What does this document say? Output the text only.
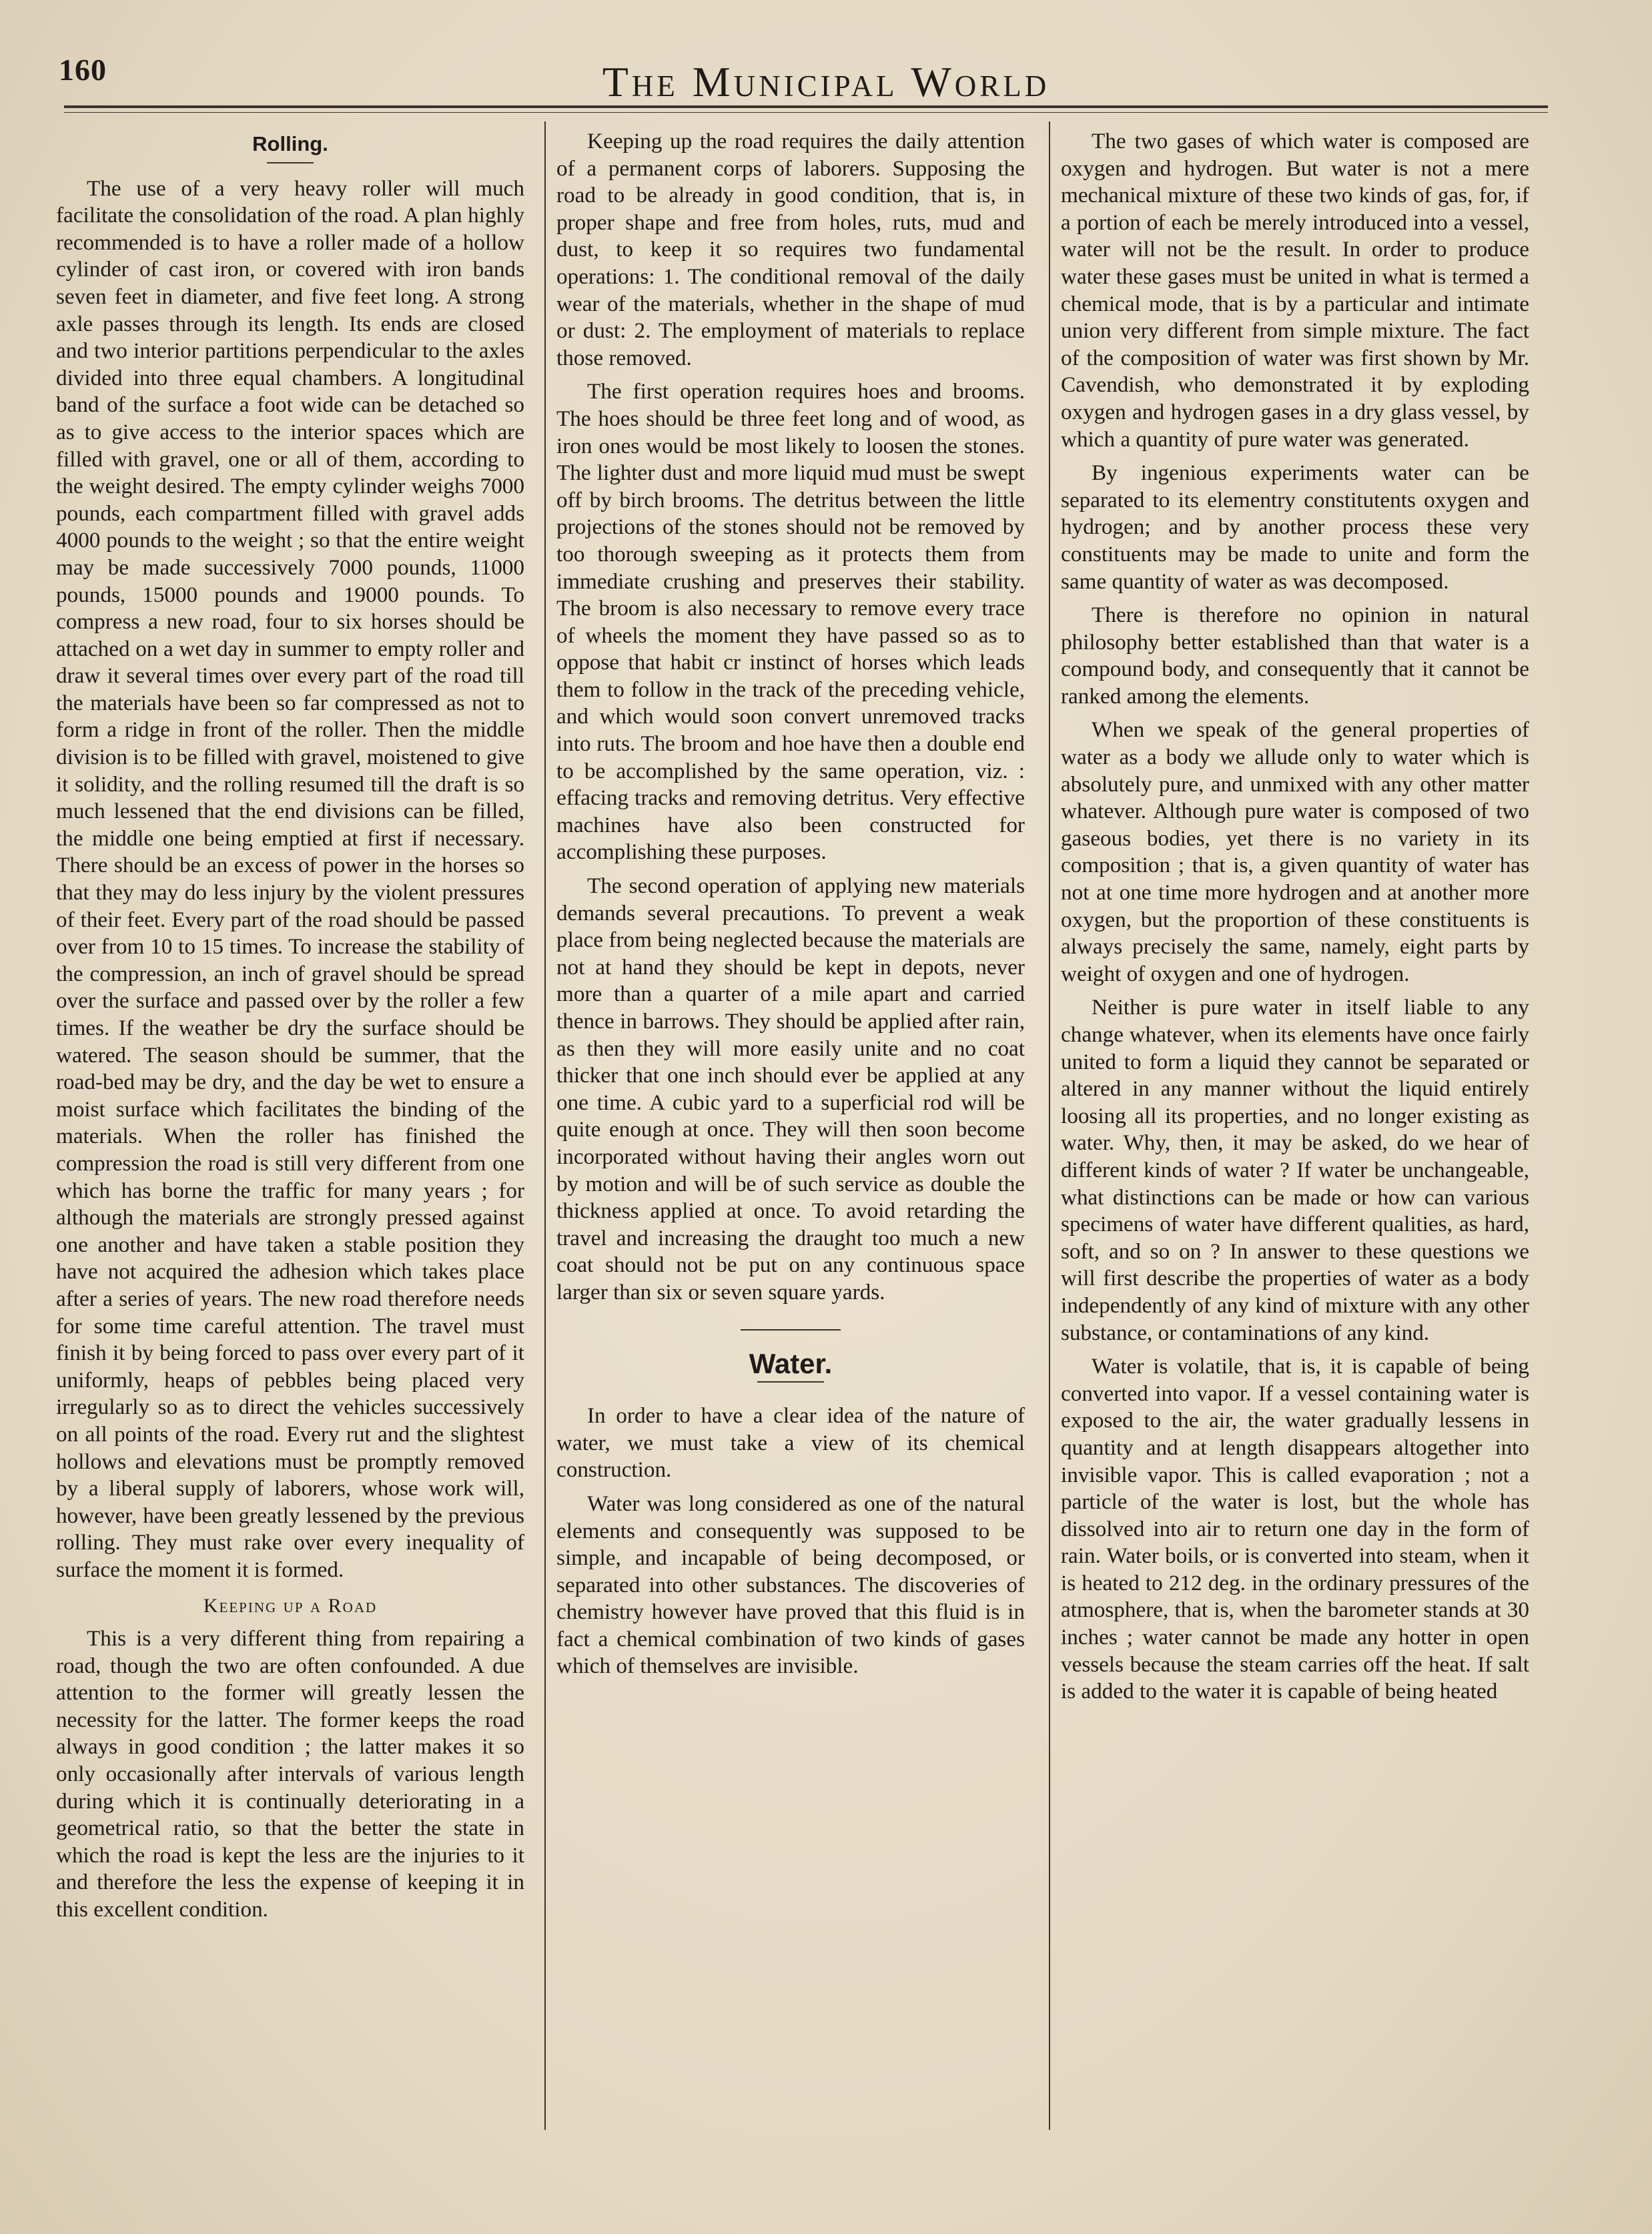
160	The Municipal World
Rolling.

The use of a very heavy roller will much facilitate the consolidation of the road. A plan highly recommended is to have a roller made of a hollow cylinder of cast iron, or covered with iron bands seven feet in diameter, and five feet long. A strong axle passes through its length. Its ends are closed and two interior partitions perpendicular to the axles divided into three equal chambers. A longitudinal band of the surface a foot wide can be detached so as to give access to the interior spaces which are filled with gravel, one or all of them, according to the weight desired. The empty cylinder weighs 7000 pounds, each compartment filled with gravel adds 4000 pounds to the weight ; so that the entire weight may be made successively 7000 pounds, 11000 pounds, 15000 pounds and 19000 pounds. To compress a new road, four to six horses should be attached on a wet day in summer to empty roller and draw it several times over every part of the road till the materials have been so far compressed as not to form a ridge in front of the roller. Then the middle division is to be filled with gravel, moistened to give it solidity, and the rolling resumed till the draft is so much lessened that the end divisions can be filled, the middle one being emptied at first if necessary. There should be an excess of power in the horses so that they may do less injury by the violent pressures of their feet. Every part of the road should be passed over from 10 to 15 times. To increase the stability of the compression, an inch of gravel should be spread over the surface and passed over by the roller a few times. If the weather be dry the surface should be watered. The season should be summer, that the road-bed may be dry, and the day be wet to ensure a moist surface which facilitates the binding of the materials. When the roller has finished the compression the road is still very different from one which has borne the traffic for many years ; for although the materials are strongly pressed against one another and have taken a stable position they have not acquired the adhesion which takes place after a series of years. The new road therefore needs for some time careful attention. The travel must finish it by being forced to pass over every part of it uniformly, heaps of pebbles being placed very irregularly so as to direct the vehicles successively on all points of the road. Every rut and the slightest hollows and elevations must be promptly removed by a liberal supply of laborers, whose work will, however, have been greatly lessened by the previous rolling. They must rake over every inequality of surface the moment it is formed.

Keeping up a Road

This is a very different thing from repairing a road, though the two are often confounded. A due attention to the former will greatly lessen the necessity for the latter. The former keeps the road always in good condition ; the latter makes it so only occasionally after intervals of various length during which it is continually deteriorating in a geometrical ratio, so that the better the state in which the road is kept the less are the injuries to it and therefore the less the expense of keeping it in this excellent condition.

Keeping up the road requires the daily attention of a permanent corps of laborers. Supposing the road to be already in good condition, that is, in proper shape and free from holes, ruts, mud and dust, to keep it so requires two fundamental operations: 1. The conditional removal of the daily wear of the materials, whether in the shape of mud or dust: 2. The employment of materials to replace those removed.

The first operation requires hoes and brooms. The hoes should be three feet long and of wood, as iron ones would be most likely to loosen the stones. The lighter dust and more liquid mud must be swept off by birch brooms. The detritus between the little projections of the stones should not be removed by too thorough sweeping as it protects them from immediate crushing and preserves their stability. The broom is also necessary to remove every trace of wheels the moment they have passed so as to oppose that habit cr instinct of horses which leads them to follow in the track of the preceding vehicle, and which would soon convert unremoved tracks into ruts. The broom and hoe have then a double end to be accomplished by the same operation, viz. : effacing tracks and removing detritus. Very effective machines have also been constructed for accomplishing these purposes.

The second operation of applying new materials demands several precautions. To prevent a weak place from being neglected because the materials are not at hand they should be kept in depots, never more than a quarter of a mile apart and carried thence in barrows. They should be applied after rain, as then they will more easily unite and no coat thicker that one inch should ever be applied at any one time. A cubic yard to a superficial rod will be quite enough at once. They will then soon become incorporated without having their angles worn out by motion and will be of such service as double the thickness applied at once. To avoid retarding the travel and increasing the draught too much a new coat should not be put on any continuous space larger than six or seven square yards.

Water.

In order to have a clear idea of the nature of water, we must take a view of its chemical construction.

Water was long considered as one of the natural elements and consequently was supposed to be simple, and incapable of being decomposed, or separated into other substances. The discoveries of chemistry however have proved that this fluid is in fact a chemical combination of two kinds of gases which of themselves are invisible.

The two gases of which water is composed are oxygen and hydrogen. But water is not a mere mechanical mixture of these two kinds of gas, for, if a portion of each be merely introduced into a vessel, water will not be the result. In order to produce water these gases must be united in what is termed a chemical mode, that is by a particular and intimate union very different from simple mixture. The fact of the composition of water was first shown by Mr. Cavendish, who demonstrated it by exploding oxygen and hydrogen gases in a dry glass vessel, by which a quantity of pure water was generated.

By ingenious experiments water can be separated to its elementry constitutents oxygen and hydrogen; and by another process these very constituents may be made to unite and form the same quantity of water as was decomposed.

There is therefore no opinion in natural philosophy better established than that water is a compound body, and consequently that it cannot be ranked among the elements.

When we speak of the general properties of water as a body we allude only to water which is absolutely pure, and unmixed with any other matter whatever. Although pure water is composed of two gaseous bodies, yet there is no variety in its composition ; that is, a given quantity of water has not at one time more hydrogen and at another more oxygen, but the proportion of these constituents is always precisely the same, namely, eight parts by weight of oxygen and one of hydrogen.

Neither is pure water in itself liable to any change whatever, when its elements have once fairly united to form a liquid they cannot be separated or altered in any manner without the liquid entirely loosing all its properties, and no longer existing as water. Why, then, it may be asked, do we hear of different kinds of water ? If water be unchangeable, what distinctions can be made or how can various specimens of water have different qualities, as hard, soft, and so on ? In answer to these questions we will first describe the properties of water as a body independently of any kind of mixture with any other substance, or contaminations of any kind.

Water is volatile, that is, it is capable of being converted into vapor. If a vessel containing water is exposed to the air, the water gradually lessens in quantity and at length disappears altogether into invisible vapor. This is called evaporation ; not a particle of the water is lost, but the whole has dissolved into air to return one day in the form of rain. Water boils, or is converted into steam, when it is heated to 212 deg. in the ordinary pressures of the atmosphere, that is, when the barometer stands at 30 inches ; water cannot be made any hotter in open vessels because the steam carries off the heat. If salt is added to the water it is capable of being heated
